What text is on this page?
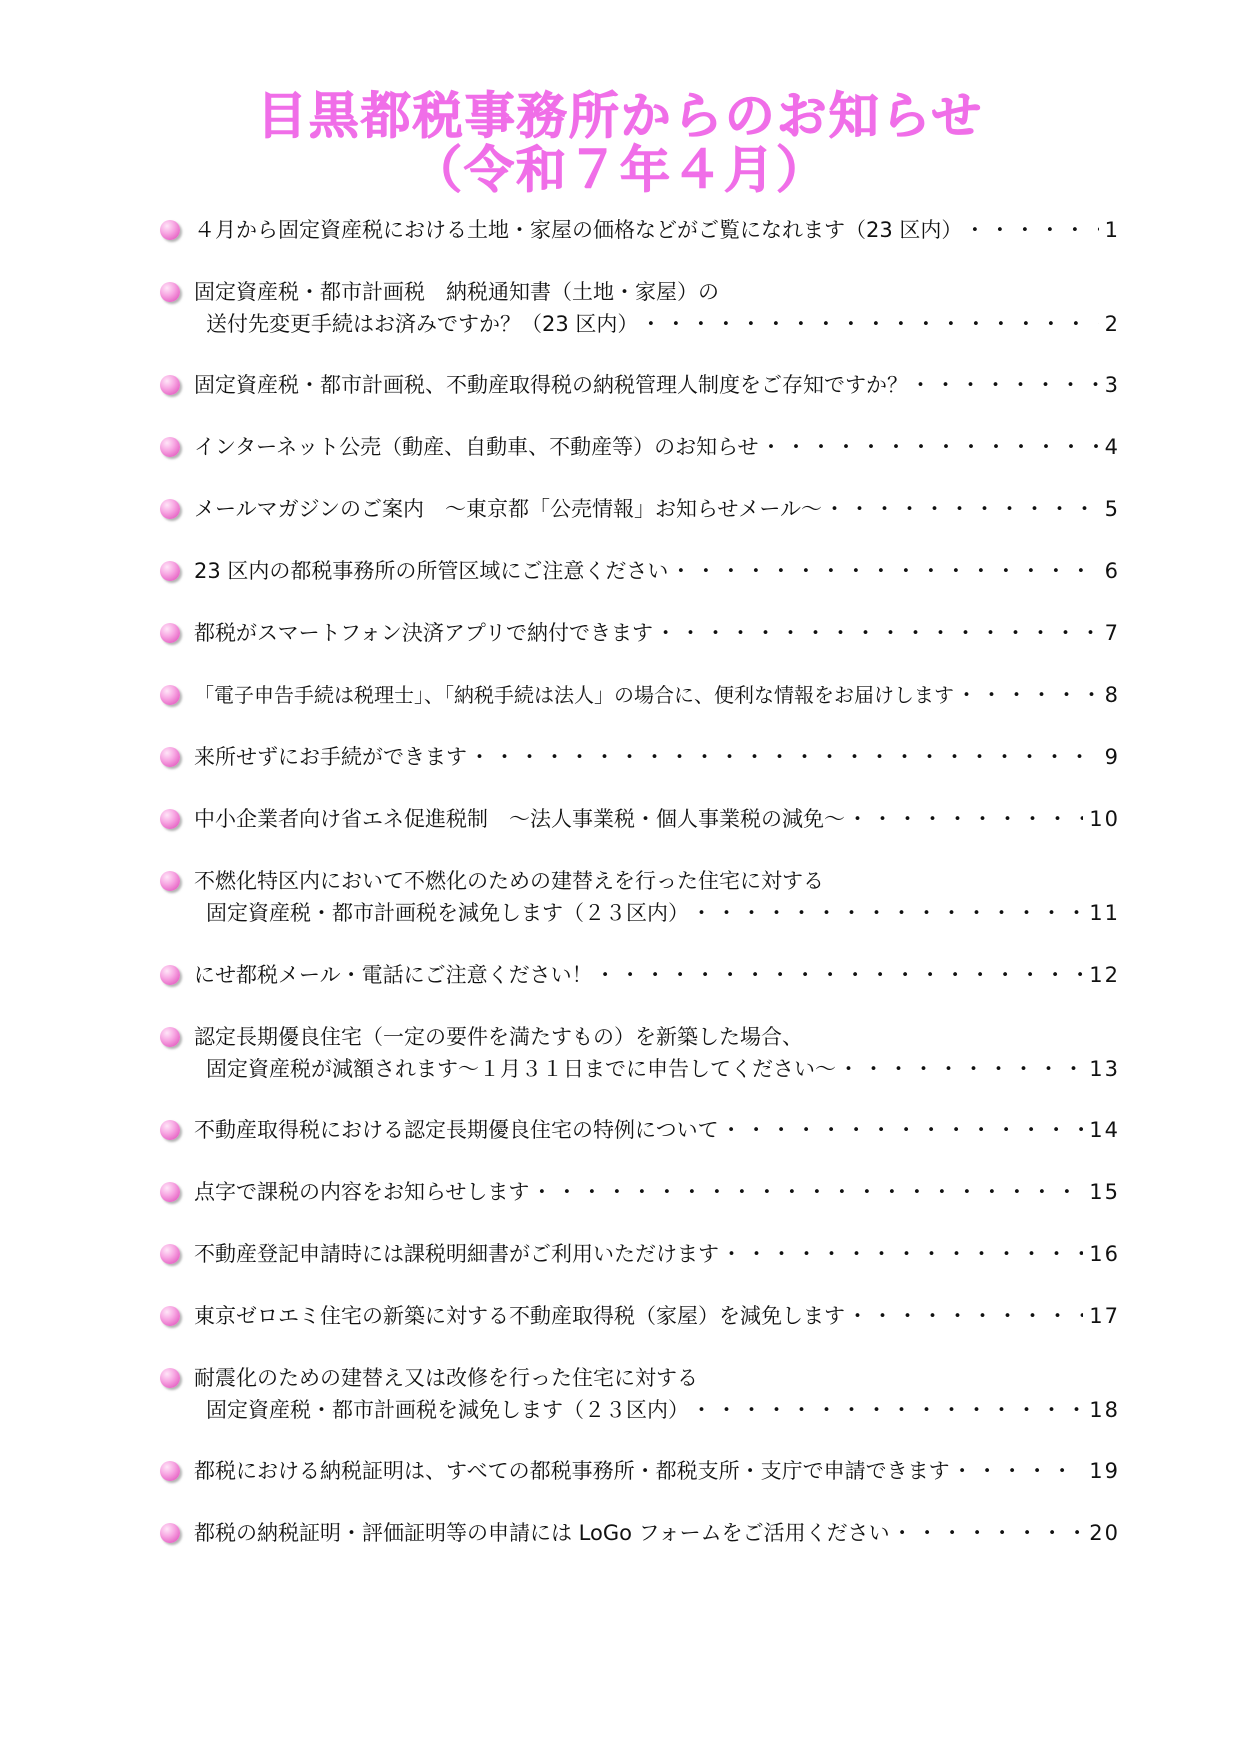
目黒都税事務所からのお知らせ
（令和７年４月）
４月から固定資産税における土地・家屋の価格などがご覧になれます（23 区内） ・・・・・・・・・・・・・・・・・・・・・・・・・・・・・・・・・・・・・・・・・・・・・・・・・・・・・・	1
固定資産税・都市計画税　納税通知書（土地・家屋）の
送付先変更手続はお済みですか？（23 区内） ・・・・・・・・・・・・・・・・・・・・・・・・・・・・・・・・・・・・・・・・・・・・・・・・・・・・・・	2
固定資産税・都市計画税、不動産取得税の納税管理人制度をご存知ですか？ ・・・・・・・・・・・・・・・・・・・・・・・・・・・・・・・・・・・・・・・・・・・・・・・・・・・・・・	3
インターネット公売（動産、自動車、不動産等）のお知らせ ・・・・・・・・・・・・・・・・・・・・・・・・・・・・・・・・・・・・・・・・・・・・・・・・・・・・・・	4
メールマガジンのご案内　～東京都「公売情報」お知らせメール～ ・・・・・・・・・・・・・・・・・・・・・・・・・・・・・・・・・・・・・・・・・・・・・・・・・・・・・・	5
23 区内の都税事務所の所管区域にご注意ください ・・・・・・・・・・・・・・・・・・・・・・・・・・・・・・・・・・・・・・・・・・・・・・・・・・・・・・	6
都税がスマートフォン決済アプリで納付できます ・・・・・・・・・・・・・・・・・・・・・・・・・・・・・・・・・・・・・・・・・・・・・・・・・・・・・・	7
「電子申告手続は税理士」、「納税手続は法人」の場合に、便利な情報をお届けします ・・・・・・・・・・・・・・・・・・・・・・・・・・・・・・・・・・・・・・・・・・・・・・・・・・・・・・	8
来所せずにお手続ができます ・・・・・・・・・・・・・・・・・・・・・・・・・・・・・・・・・・・・・・・・・・・・・・・・・・・・・・	9
中小企業者向け省エネ促進税制　～法人事業税・個人事業税の減免～ ・・・・・・・・・・・・・・・・・・・・・・・・・・・・・・・・・・・・・・・・・・・・・・・・・・・・・・	10
不燃化特区内において不燃化のための建替えを行った住宅に対する
固定資産税・都市計画税を減免します（２３区内） ・・・・・・・・・・・・・・・・・・・・・・・・・・・・・・・・・・・・・・・・・・・・・・・・・・・・・・	11
にせ都税メール・電話にご注意ください！ ・・・・・・・・・・・・・・・・・・・・・・・・・・・・・・・・・・・・・・・・・・・・・・・・・・・・・・	12
認定長期優良住宅（一定の要件を満たすもの）を新築した場合、
固定資産税が減額されます～１月３１日までに申告してください～ ・・・・・・・・・・・・・・・・・・・・・・・・・・・・・・・・・・・・・・・・・・・・・・・・・・・・・・	13
不動産取得税における認定長期優良住宅の特例について ・・・・・・・・・・・・・・・・・・・・・・・・・・・・・・・・・・・・・・・・・・・・・・・・・・・・・・	14
点字で課税の内容をお知らせします ・・・・・・・・・・・・・・・・・・・・・・・・・・・・・・・・・・・・・・・・・・・・・・・・・・・・・・	15
不動産登記申請時には課税明細書がご利用いただけます ・・・・・・・・・・・・・・・・・・・・・・・・・・・・・・・・・・・・・・・・・・・・・・・・・・・・・・	16
東京ゼロエミ住宅の新築に対する不動産取得税（家屋）を減免します ・・・・・・・・・・・・・・・・・・・・・・・・・・・・・・・・・・・・・・・・・・・・・・・・・・・・・・	17
耐震化のための建替え又は改修を行った住宅に対する
固定資産税・都市計画税を減免します（２３区内） ・・・・・・・・・・・・・・・・・・・・・・・・・・・・・・・・・・・・・・・・・・・・・・・・・・・・・・	18
都税における納税証明は、すべての都税事務所・都税支所・支庁で申請できます ・・・・・・・・・・・・・・・・・・・・・・・・・・・・・・・・・・・・・・・・・・・・・・・・・・・・・・	19
都税の納税証明・評価証明等の申請には LoGo フォームをご活用ください ・・・・・・・・・・・・・・・・・・・・・・・・・・・・・・・・・・・・・・・・・・・・・・・・・・・・・・	20
